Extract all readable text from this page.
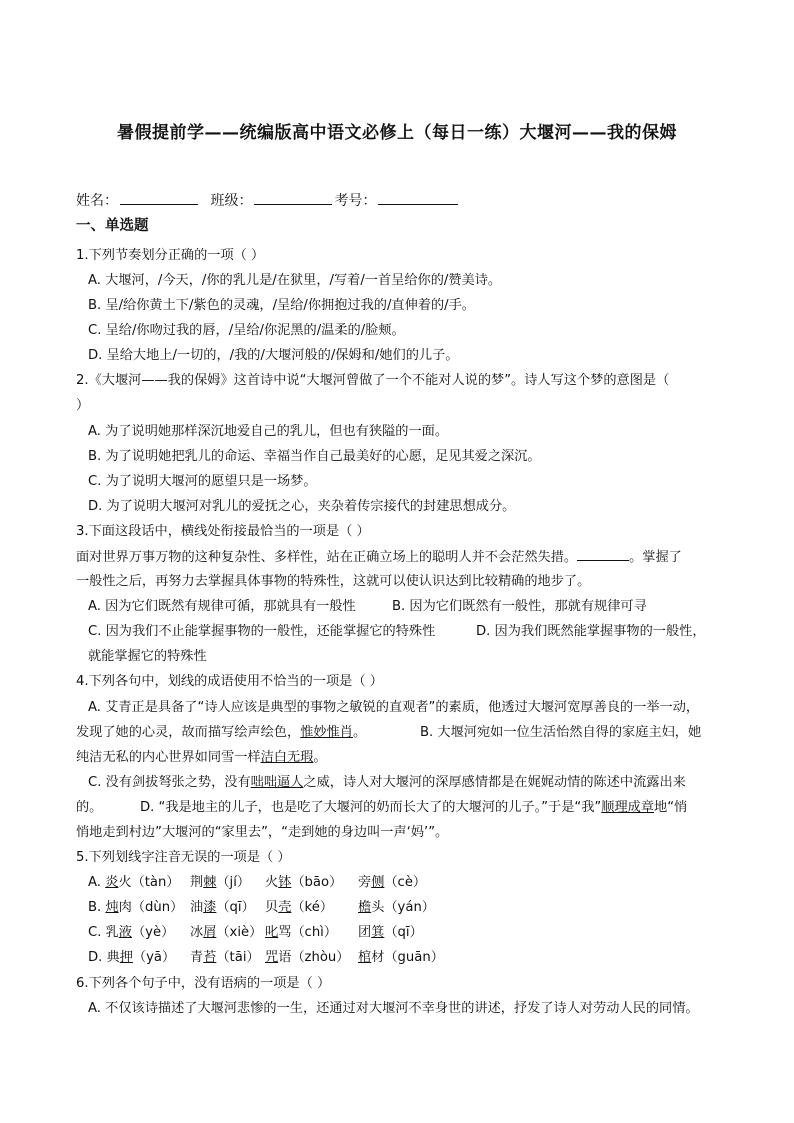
暑假提前学——统编版高中语文必修上（每日一练）大堰河——我的保姆
姓名：	班级：	考号：
一、单选题
1.下列节奏划分正确的一项（ ）
A. 大堰河，/今天，/你的乳儿是/在狱里，/写着/一首呈给你的/赞美诗。
B. 呈/给你黄土下/紫色的灵魂，/呈给/你拥抱过我的/直伸着的/手。
C. 呈给/你吻过我的唇，/呈给/你泥黑的/温柔的/脸颊。
D. 呈给大地上/一切的，/我的/大堰河般的/保姆和/她们的儿子。
2.《大堰河——我的保姆》这首诗中说“大堰河曾做了一个不能对人说的梦”。诗人写这个梦的意图是（
）
A. 为了说明她那样深沉地爱自己的乳儿，但也有狭隘的一面。
B. 为了说明她把乳儿的命运、幸福当作自己最美好的心愿，足见其爱之深沉。
C. 为了说明大堰河的愿望只是一场梦。
D. 为了说明大堰河对乳儿的爱抚之心，夹杂着传宗接代的封建思想成分。
3.下面这段话中，横线处衔接最恰当的一项是（ ）
面对世界万事万物的这种复杂性、多样性，站在正确立场上的聪明人并不会茫然失措。	。掌握了
一般性之后，再努力去掌握具体事物的特殊性，这就可以使认识达到比较精确的地步了。
A. 因为它们既然有规律可循，那就具有一般性	B. 因为它们既然有一般性，那就有规律可寻
C. 因为我们不止能掌握事物的一般性，还能掌握它的特殊性	D. 因为我们既然能掌握事物的一般性，
就能掌握它的特殊性
4.下列各句中，划线的成语使用不恰当的一项是（ ）
A. 艾青正是具备了“诗人应该是典型的事物之敏锐的直观者”的素质，他透过大堰河宽厚善良的一举一动，
发现了她的心灵，故而描写绘声绘色，惟妙惟肖。	B. 大堰河宛如一位生活怡然自得的家庭主妇，她
纯洁无私的内心世界如同雪一样洁白无瑕。
C. 没有剑拔弩张之势，没有咄咄逼人之威，诗人对大堰河的深厚感情都是在娓娓动情的陈述中流露出来
的。	D. “我是地主的儿子，也是吃了大堰河的奶而长大了的大堰河的儿子。”于是“我”顺理成章地“悄
悄地走到村边”大堰河的“家里去”，“走到她的身边叫一声‘妈’”。
5.下列划线字注音无误的一项是（ ）
A. 炎火（tàn） 荆棘（jí） 火钵（bāo） 旁侧（cè）
B. 炖肉（dùn） 油漆（qī） 贝壳（ké） 檐头（yán）
C. 乳液（yè） 冰屑（xiè） 叱骂（chì） 团箕（qī）
D. 典押（yā） 青苔（tāi） 咒语（zhòu） 棺材（guān）
6.下列各个句子中，没有语病的一项是（ ）
A. 不仅该诗描述了大堰河悲惨的一生，还通过对大堰河不幸身世的讲述，抒发了诗人对劳动人民的同情。
